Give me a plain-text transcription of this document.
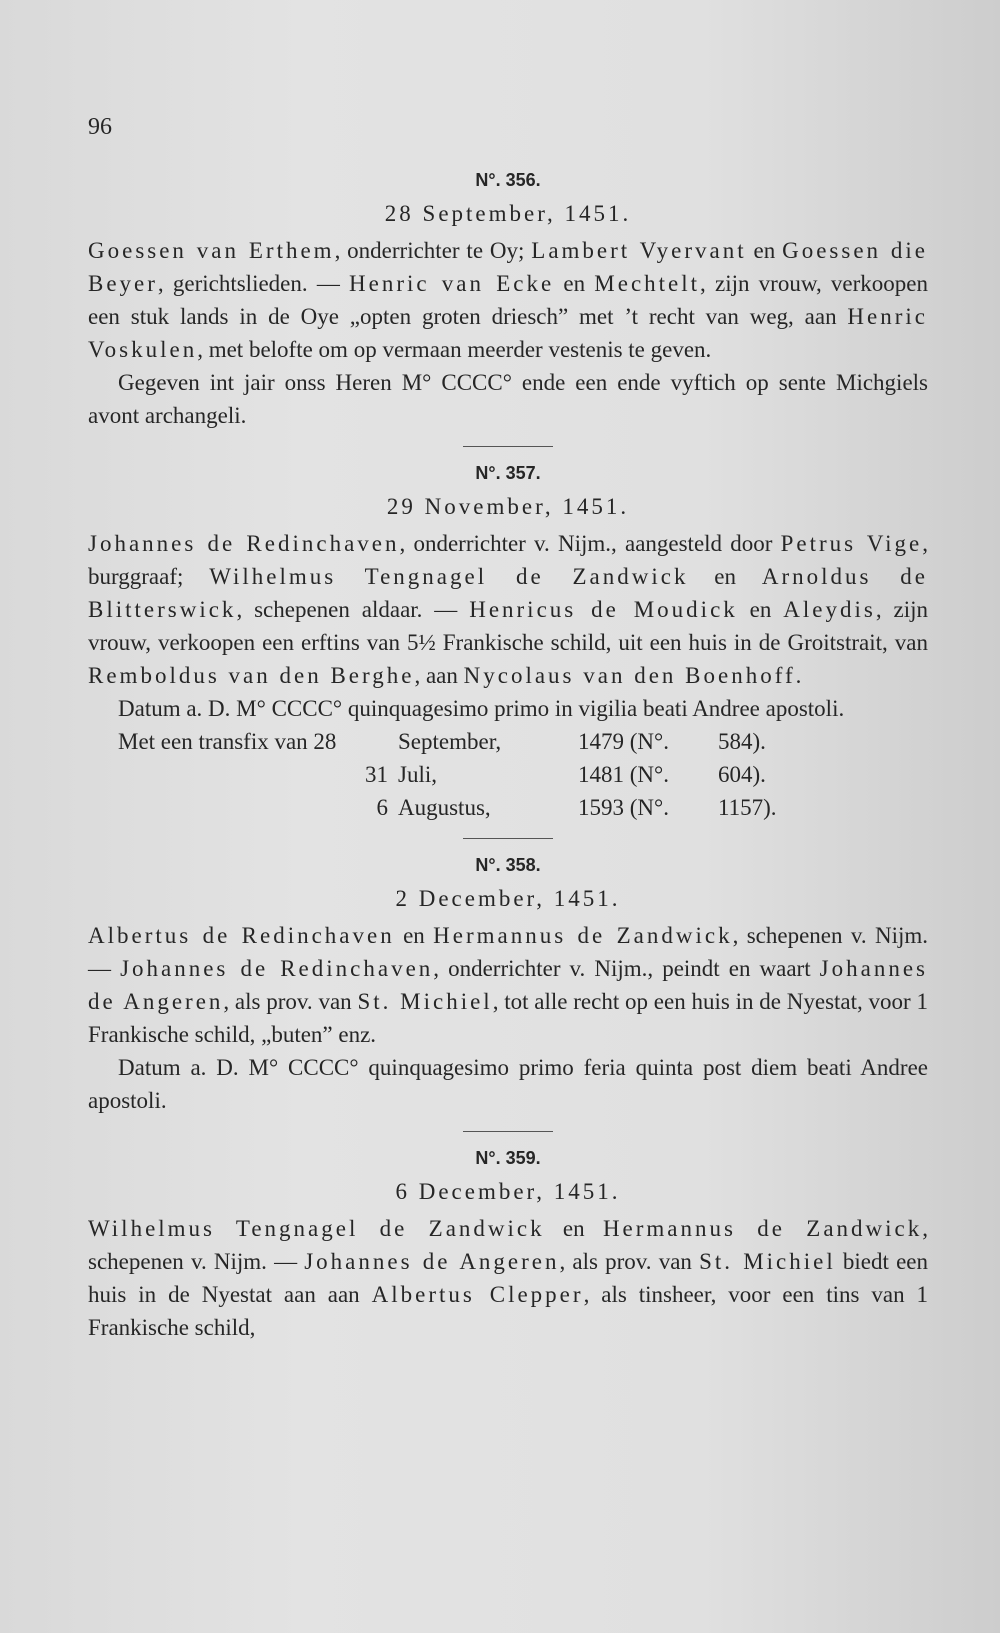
96
N°. 356.
28 September, 1451.
Goessen van Erthem, onderrichter te Oy; Lambert Vyervant en Goessen die Beyer, gerichtslieden. — Henric van Ecke en Mechtelt, zijn vrouw, verkoopen een stuk lands in de Oye „opten groten driesch” met ’t recht van weg, aan Henric Voskulen, met belofte om op vermaan meerder vestenis te geven.
Gegeven int jair onss Heren M° CCCC° ende een ende vyftich op sente Michgiels avont archangeli.
N°. 357.
29 November, 1451.
Johannes de Redinchaven, onderrichter v. Nijm., aangesteld door Petrus Vige, burggraaf; Wilhelmus Tengnagel de Zandwick en Arnoldus de Blitterswick, schepenen aldaar. — Henricus de Moudick en Aleydis, zijn vrouw, verkoopen een erftins van 5½ Frankische schild, uit een huis in de Groitstrait, van Remboldus van den Berghe, aan Nycolaus van den Boenhoff.
Datum a. D. M° CCCC° quinquagesimo primo in vigilia beati Andree apostoli.
Met een transfix van 28	September,	1479 (N°.	584).
31 Juli,	1481 (N°.	604).
6 Augustus,	1593 (N°.	1157).
N°. 358.
2 December, 1451.
Albertus de Redinchaven en Hermannus de Zandwick, schepenen v. Nijm. — Johannes de Redinchaven, onderrichter v. Nijm., peindt en waart Johannes de Angeren, als prov. van St. Michiel, tot alle recht op een huis in de Nyestat, voor 1 Frankische schild, „buten” enz.
Datum a. D. M° CCCC° quinquagesimo primo feria quinta post diem beati Andree apostoli.
N°. 359.
6 December, 1451.
Wilhelmus Tengnagel de Zandwick en Hermannus de Zandwick, schepenen v. Nijm. — Johannes de Angeren, als prov. van St. Michiel biedt een huis in de Nyestat aan aan Albertus Clepper, als tinsheer, voor een tins van 1 Frankische schild,
